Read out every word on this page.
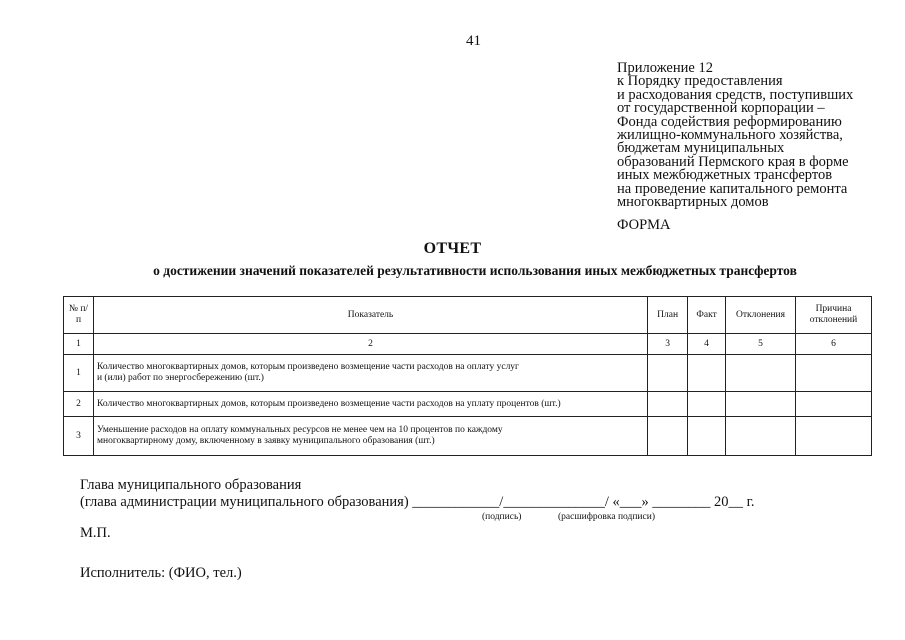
41
Приложение 12
к Порядку предоставления
и расходования средств, поступивших
от государственной корпорации –
Фонда содействия реформированию
жилищно-коммунального хозяйства,
бюджетам муниципальных
образований Пермского края в форме
иных межбюджетных трансфертов
на проведение капитального ремонта
многоквартирных домов
ФОРМА
ОТЧЕТ
о достижении значений показателей результативности использования иных межбюджетных трансфертов
№ п/п	Показатель	План	Факт	Отклонения	Причина отклонений
1	2	3	4	5	6
1	Количество многоквартирных домов, которым произведено возмещение части расходов на оплату услуг
и (или) работ по энергосбережению (шт.)				

2	Количество многоквартирных домов, которым произведено возмещение части расходов на уплату процентов (шт.)				

3	Уменьшение расходов на оплату коммунальных ресурсов не менее чем на 10 процентов по каждому
многоквартирному дому, включенному в заявку муниципального образования (шт.)				

Глава муниципального образования
(глава администрации муниципального образования) ____________/______________/ «___» ________ 20__ г.
(подпись)	(расшифровка подписи)
М.П.
Исполнитель: (ФИО, тел.)
